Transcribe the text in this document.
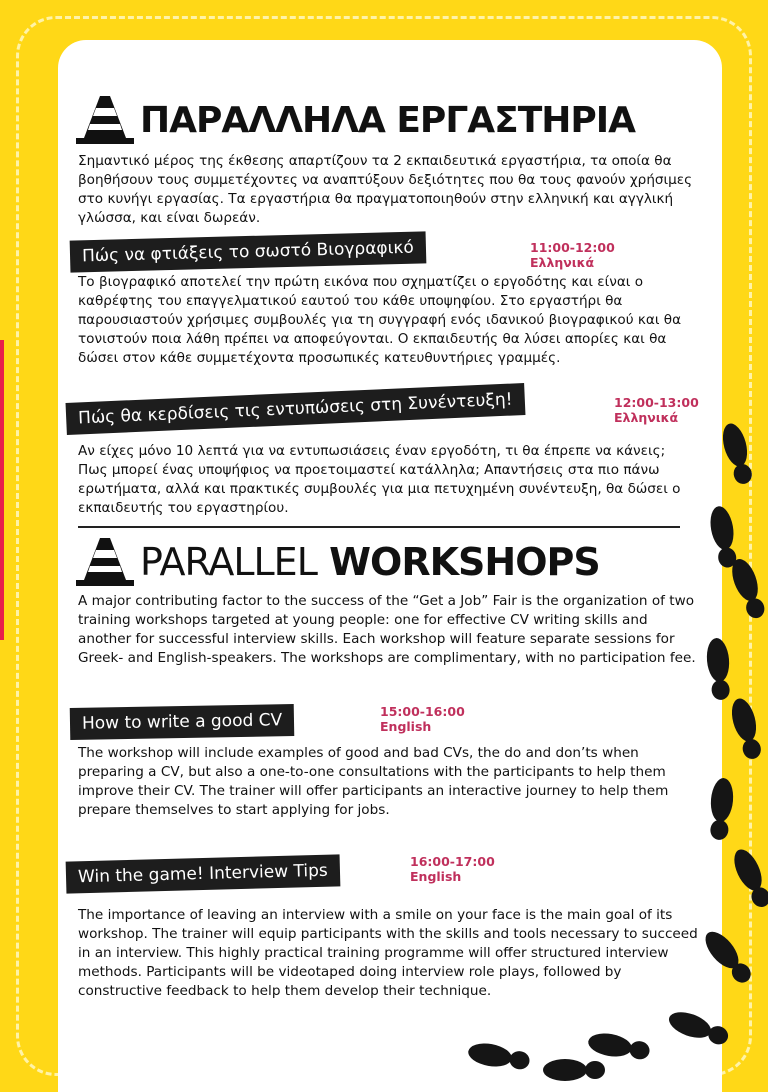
ΠΑΡΑΛΛΗΛΑ ΕΡΓΑΣΤΗΡΙΑ

Σημαντικό μέρος της έκθεσης απαρτίζουν τα 2 εκπαιδευτικά εργαστήρια, τα οποία θα βοηθήσουν τους συμμετέχοντες να αναπτύξουν δεξιότητες που θα τους φανούν χρήσιμες στο κυνήγι εργασίας. Τα εργαστήρια θα πραγματοποιηθούν στην ελληνική και αγγλική γλώσσα, και είναι δωρεάν.

Πώς να φτιάξεις το σωστό Βιογραφικό	11:00-12:00
Ελληνικά

Το βιογραφικό αποτελεί την πρώτη εικόνα που σχηματίζει ο εργοδότης και είναι ο καθρέφτης του επαγγελματικού εαυτού του κάθε υποψηφίου. Στο εργαστήρι θα παρουσιαστούν χρήσιμες συμβουλές για τη συγγραφή ενός ιδανικού βιογραφικού και θα τονιστούν ποια λάθη πρέπει να αποφεύγονται. Ο εκπαιδευτής θα λύσει απορίες και θα δώσει στον κάθε συμμετέχοντα προσωπικές κατευθυντήριες γραμμές.

Πώς θα κερδίσεις τις εντυπώσεις στη Συνέντευξη!	12:00-13:00
Ελληνικά

Αν είχες μόνο 10 λεπτά για να εντυπωσιάσεις έναν εργοδότη, τι θα έπρεπε να κάνεις; Πως μπορεί ένας υποψήφιος να προετοιμαστεί κατάλληλα; Απαντήσεις στα πιο πάνω ερωτήματα, αλλά και πρακτικές συμβουλές για μια πετυχημένη συνέντευξη, θα δώσει ο εκπαιδευτής του εργαστηρίου.

PARALLEL WORKSHOPS

A major contributing factor to the success of the “Get a Job” Fair is the organization of two training workshops targeted at young people: one for effective CV writing skills and another for successful interview skills. Each workshop will feature separate sessions for Greek- and English-speakers. The workshops are complimentary, with no participation fee.

How to write a good CV	15:00-16:00
English

The workshop will include examples of good and bad CVs, the do and don’ts when preparing a CV, but also a one-to-one consultations with the participants to help them improve their CV. The trainer will offer participants an interactive journey to help them prepare themselves to start applying for jobs.

Win the game! Interview Tips	16:00-17:00
English

The importance of leaving an interview with a smile on your face is the main goal of its workshop. The trainer will equip participants with the skills and tools necessary to succeed in an interview. This highly practical training programme will offer structured interview methods. Participants will be videotaped doing interview role plays, followed by constructive feedback to help them develop their technique.
